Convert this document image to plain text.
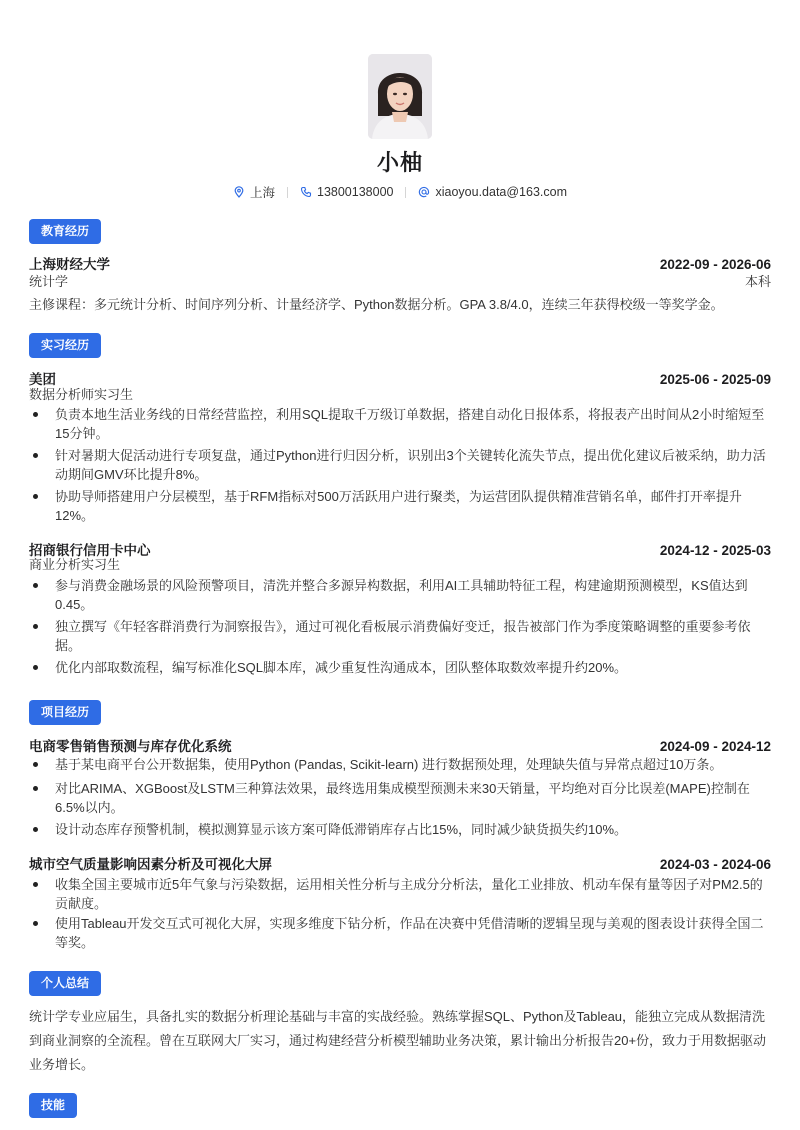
小柚
上海	13800138000	xiaoyou.data@163.com
教育经历
上海财经大学	2022-09 - 2026-06
统计学	本科
主修课程：多元统计分析、时间序列分析、计量经济学、Python数据分析。GPA 3.8/4.0，连续三年获得校级一等奖学金。
实习经历
美团	2025-06 - 2025-09
数据分析师实习生
负责本地生活业务线的日常经营监控，利用SQL提取千万级订单数据，搭建自动化日报体系，将报表产出时间从2小时缩短至15分钟。
针对暑期大促活动进行专项复盘，通过Python进行归因分析，识别出3个关键转化流失节点，提出优化建议后被采纳，助力活动期间GMV环比提升8%。
协助导师搭建用户分层模型，基于RFM指标对500万活跃用户进行聚类，为运营团队提供精准营销名单，邮件打开率提升12%。
招商银行信用卡中心	2024-12 - 2025-03
商业分析实习生
参与消费金融场景的风险预警项目，清洗并整合多源异构数据，利用AI工具辅助特征工程，构建逾期预测模型，KS值达到0.45。
独立撰写《年轻客群消费行为洞察报告》，通过可视化看板展示消费偏好变迁，报告被部门作为季度策略调整的重要参考依据。
优化内部取数流程，编写标准化SQL脚本库，减少重复性沟通成本，团队整体取数效率提升约20%。
项目经历
电商零售销售预测与库存优化系统	2024-09 - 2024-12
基于某电商平台公开数据集，使用Python (Pandas, Scikit-learn) 进行数据预处理，处理缺失值与异常点超过10万条。
对比ARIMA、XGBoost及LSTM三种算法效果，最终选用集成模型预测未来30天销量，平均绝对百分比误差(MAPE)控制在6.5%以内。
设计动态库存预警机制，模拟测算显示该方案可降低滞销库存占比15%，同时减少缺货损失约10%。
城市空气质量影响因素分析及可视化大屏	2024-03 - 2024-06
收集全国主要城市近5年气象与污染数据，运用相关性分析与主成分分析法，量化工业排放、机动车保有量等因子对PM2.5的贡献度。
使用Tableau开发交互式可视化大屏，实现多维度下钻分析，作品在决赛中凭借清晰的逻辑呈现与美观的图表设计获得全国二等奖。
个人总结
统计学专业应届生，具备扎实的数据分析理论基础与丰富的实战经验。熟练掌握SQL、Python及Tableau，能独立完成从数据清洗到商业洞察的全流程。曾在互联网大厂实习，通过构建经营分析模型辅助业务决策，累计输出分析报告20+份，致力于用数据驱动业务增长。
技能
